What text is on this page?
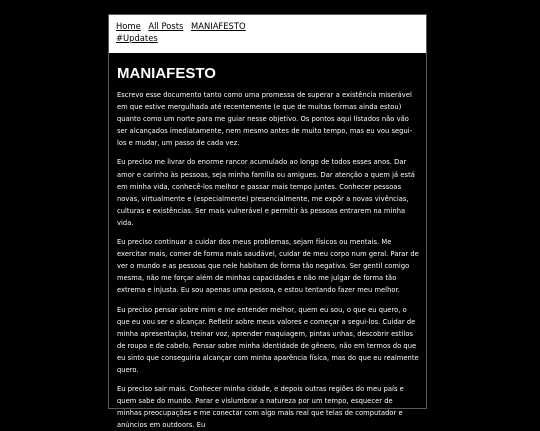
Home All Posts MANIAFESTO
#Updates
MANIAFESTO

Escrevo esse documento tanto como uma promessa de superar a existência miserável em que estive mergulhada até recentemente (e que de muitas formas ainda estou) quanto como um norte para me guiar nesse objetivo. Os pontos aqui listados não vão ser alcançados imediatamente, nem mesmo antes de muito tempo, mas eu vou segui-los e mudar, um passo de cada vez.

Eu preciso me livrar do enorme rancor acumulado ao longo de todos esses anos. Dar amor e carinho às pessoas, seja minha família ou amigues. Dar atenção a quem já está em minha vida, conhecê-los melhor e passar mais tempo juntes. Conhecer pessoas novas, virtualmente e (especialmente) presencialmente, me expôr a novas vivências, culturas e existências. Ser mais vulnerável e permitir às pessoas entrarem na minha vida.

Eu preciso continuar a cuidar dos meus problemas, sejam físicos ou mentais. Me exercitar mais, comer de forma mais saudável, cuidar de meu corpo num geral. Parar de ver o mundo e as pessoas que nele habitam de forma tão negativa. Ser gentil comigo mesma, não me forçar além de minhas capacidades e não me julgar de forma tão extrema e injusta. Eu sou apenas uma pessoa, e estou tentando fazer meu melhor.

Eu preciso pensar sobre mim e me entender melhor, quem eu sou, o que eu quero, o que eu vou ser e alcançar. Refletir sobre meus valores e começar a segui-los. Cuidar de minha apresentação, treinar voz, aprender maquiagem, pintas unhas, descobrir estilos de roupa e de cabelo. Pensar sobre minha identidade de gênero, não em termos do que eu sinto que conseguiria alcançar com minha aparência física, mas do que eu realmente quero.

Eu preciso sair mais. Conhecer minha cidade, e depois outras regiões do meu país e quem sabe do mundo. Parar e vislumbrar a natureza por um tempo, esquecer de minhas preocupações e me conectar com algo mais real que telas de computador e anúncios em outdoors. Eu
